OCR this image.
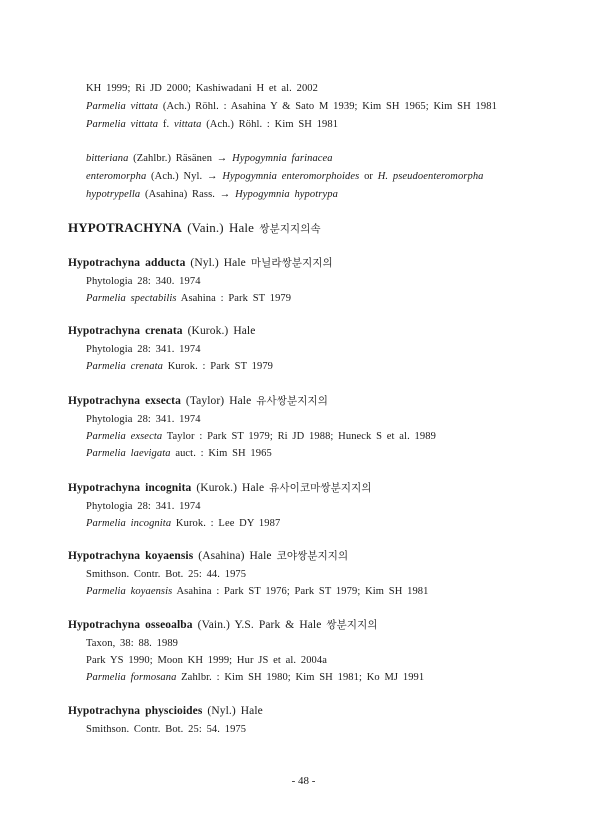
KH 1999; Ri JD 2000; Kashiwadani H et al. 2002
Parmelia vittata (Ach.) Röhl. : Asahina Y & Sato M 1939; Kim SH 1965; Kim SH 1981
Parmelia vittata f. vittata (Ach.) Röhl. : Kim SH 1981
bitteriana (Zahlbr.) Räsänen → Hypogymnia farinacea
enteromorpha (Ach.) Nyl. → Hypogymnia enteromorphoides or H. pseudoenteromorpha
hypotrypella (Asahina) Rass. → Hypogymnia hypotrypa
HYPOTRACHYNA (Vain.) Hale 쌍분지지의속
Hypotrachyna adducta (Nyl.) Hale 마닐라쌍분지지의
Phytologia 28: 340. 1974
Parmelia spectabilis Asahina : Park ST 1979
Hypotrachyna crenata (Kurok.) Hale
Phytologia 28: 341. 1974
Parmelia crenata Kurok. : Park ST 1979
Hypotrachyna exsecta (Taylor) Hale 유사쌍분지지의
Phytologia 28: 341. 1974
Parmelia exsecta Taylor : Park ST 1979; Ri JD 1988; Huneck S et al. 1989
Parmelia laevigata auct. : Kim SH 1965
Hypotrachyna incognita (Kurok.) Hale 유사이코마쌍분지지의
Phytologia 28: 341. 1974
Parmelia incognita Kurok. : Lee DY 1987
Hypotrachyna koyaensis (Asahina) Hale 코야쌍분지지의
Smithson. Contr. Bot. 25: 44. 1975
Parmelia koyaensis Asahina : Park ST 1976; Park ST 1979; Kim SH 1981
Hypotrachyna osseoalba (Vain.) Y.S. Park & Hale 쌍분지지의
Taxon, 38: 88. 1989
Park YS 1990; Moon KH 1999; Hur JS et al. 2004a
Parmelia formosana Zahlbr. : Kim SH 1980; Kim SH 1981; Ko MJ 1991
Hypotrachyna physcioides (Nyl.) Hale
Smithson. Contr. Bot. 25: 54. 1975
- 48 -
